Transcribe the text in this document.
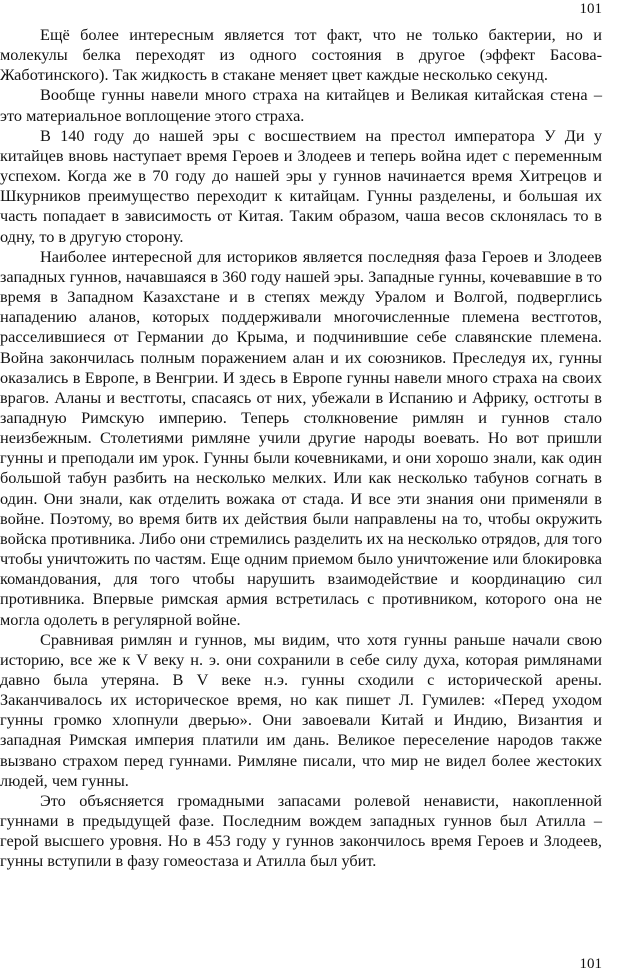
101

Ещё более интересным является тот факт, что не только бактерии, но и молекулы белка переходят из одного состояния в другое (эффект Басова-Жаботинского). Так жидкость в стакане меняет цвет каждые несколько секунд.

Вообще гунны навели много страха на китайцев и Великая китайская стена – это материальное воплощение этого страха.

В 140 году до нашей эры с восшествием на престол императора У Ди у китайцев вновь наступает время Героев и Злодеев и теперь война идет с переменным успехом. Когда же в 70 году до нашей эры у гуннов начинается время Хитрецов и Шкурников преимущество переходит к китайцам. Гунны разделены, и большая их часть попадает в зависимость от Китая. Таким образом, чаша весов склонялась то в одну, то в другую сторону.

Наиболее интересной для историков является последняя фаза Героев и Злодеев западных гуннов, начавшаяся в 360 году нашей эры. Западные гунны, кочевавшие в то время в Западном Казахстане и в степях между Уралом и Волгой, подверглись нападению аланов, которых поддерживали многочисленные племена вестготов, расселившиеся от Германии до Крыма, и подчинившие себе славянские племена. Война закончилась полным поражением алан и их союзников. Преследуя их, гунны оказались в Европе, в Венгрии. И здесь в Европе гунны навели много страха на своих врагов. Аланы и вестготы, спасаясь от них, убежали в Испанию и Африку, остготы в западную Римскую империю. Теперь столкновение римлян и гуннов стало неизбежным. Столетиями римляне учили другие народы воевать. Но вот пришли гунны и преподали им урок. Гунны были кочевниками, и они хорошо знали, как один большой табун разбить на несколько мелких. Или как несколько табунов согнать в один. Они знали, как отделить вожака от стада. И все эти знания они применяли в войне. Поэтому, во время битв их действия были направлены на то, чтобы окружить войска противника. Либо они стремились разделить их на несколько отрядов, для того чтобы уничтожить по частям. Еще одним приемом было уничтожение или блокировка командования, для того чтобы нарушить взаимодействие и координацию сил противника. Впервые римская армия встретилась с противником, которого она не могла одолеть в регулярной войне.

Сравнивая римлян и гуннов, мы видим, что хотя гунны раньше начали свою историю, все же к V веку н. э. они сохранили в себе силу духа, которая римлянами давно была утеряна. В V веке н.э. гунны сходили с исторической арены. Заканчивалось их историческое время, но как пишет Л. Гумилев: «Перед уходом гунны громко хлопнули дверью». Они завоевали Китай и Индию, Византия и западная Римская империя платили им дань. Великое переселение народов также вызвано страхом перед гуннами. Римляне писали, что мир не видел более жестоких людей, чем гунны.

Это объясняется громадными запасами ролевой ненависти, накопленной гуннами в предыдущей фазе. Последним вождем западных гуннов был Атилла – герой высшего уровня. Но в 453 году у гуннов закончилось время Героев и Злодеев, гунны вступили в фазу гомеостаза и Атилла был убит.

101
